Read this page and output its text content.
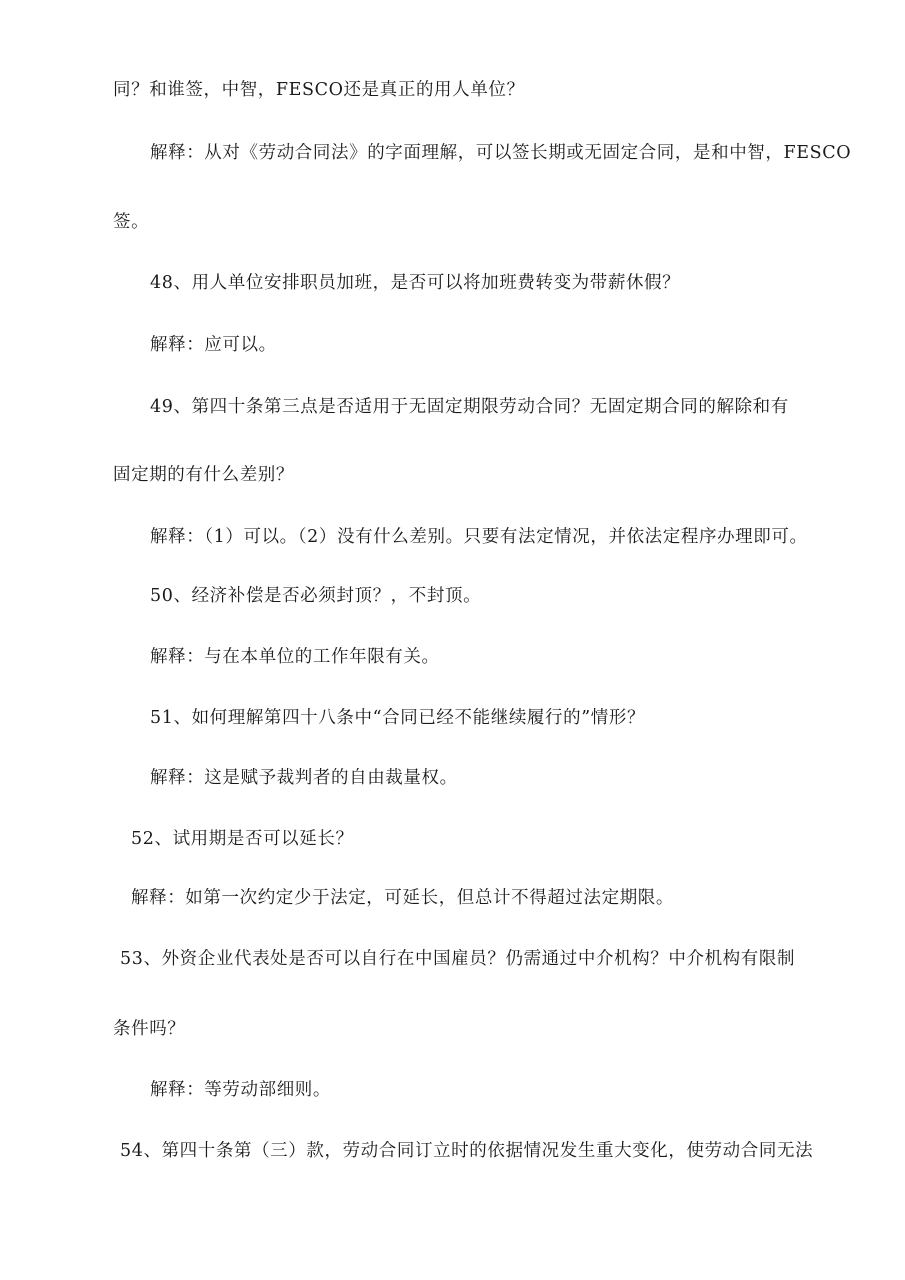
同？和谁签，中智，FESCO还是真正的用人单位？
解释：从对《劳动合同法》的字面理解，可以签长期或无固定合同，是和中智，FESCO
签。
48、用人单位安排职员加班，是否可以将加班费转变为带薪休假？
解释：应可以。
49、第四十条第三点是否适用于无固定期限劳动合同？无固定期合同的解除和有
固定期的有什么差别？
解释：（1）可以。（2）没有什么差别。只要有法定情况，并依法定程序办理即可。
50、经济补偿是否必须封顶？，不封顶。
解释：与在本单位的工作年限有关。
51、如何理解第四十八条中“合同已经不能继续履行的”情形？
解释：这是赋予裁判者的自由裁量权。
52、试用期是否可以延长？
解释：如第一次约定少于法定，可延长，但总计不得超过法定期限。
53、外资企业代表处是否可以自行在中国雇员？仍需通过中介机构？中介机构有限制
条件吗？
解释：等劳动部细则。
54、第四十条第（三）款，劳动合同订立时的依据情况发生重大变化，使劳动合同无法
